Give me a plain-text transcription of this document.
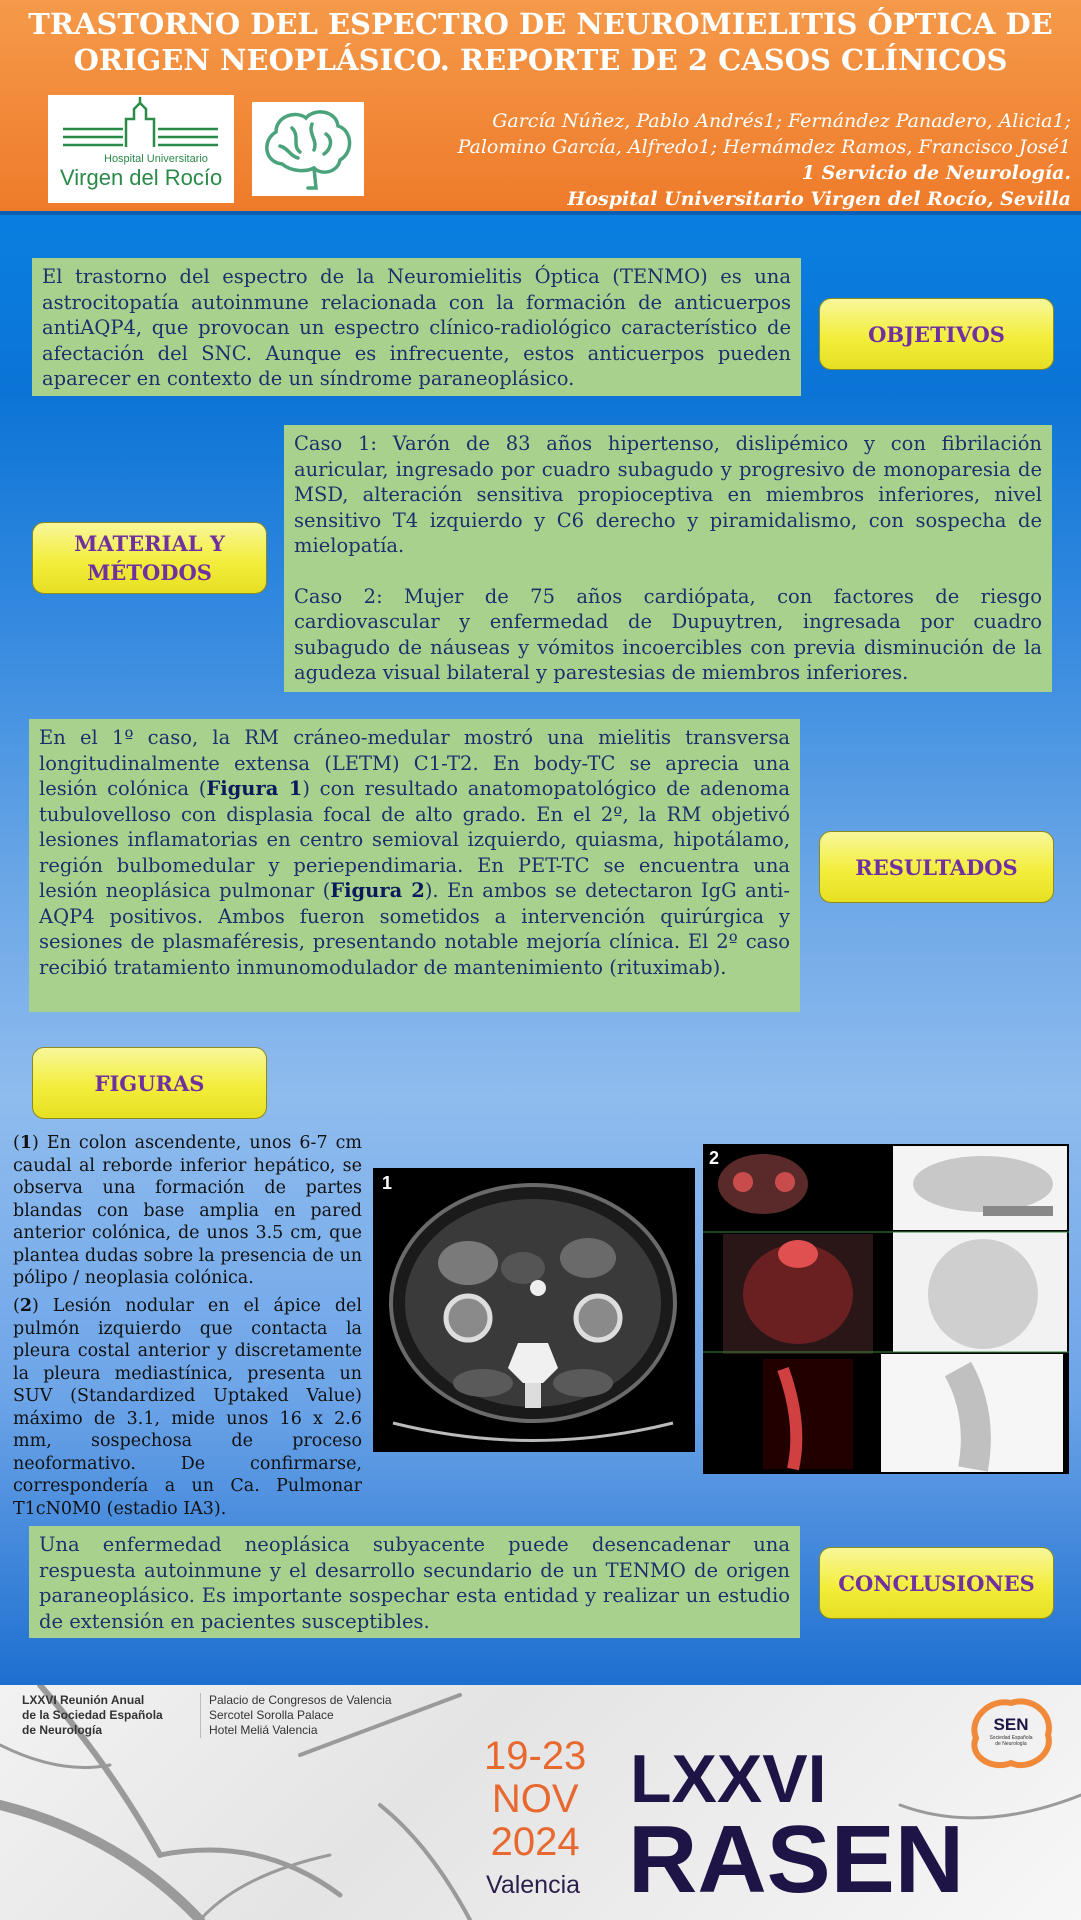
TRASTORNO DEL ESPECTRO DE NEUROMIELITIS ÓPTICA DE
ORIGEN NEOPLÁSICO. REPORTE DE 2 CASOS CLÍNICOS
Hospital Universitario
Virgen del Rocío
García Núñez, Pablo Andrés1; Fernández Panadero, Alicia1;
Palomino García, Alfredo1; Hernámdez Ramos, Francisco José1
1 Servicio de Neurología.
Hospital Universitario Virgen del Rocío, Sevilla
El trastorno del espectro de la Neuromielitis Óptica (TENMO) es una astrocitopatía autoinmune relacionada con la formación de anticuerpos antiAQP4, que provocan un espectro clínico-radiológico característico de afectación del SNC. Aunque es infrecuente, estos anticuerpos pueden aparecer en contexto de un síndrome paraneoplásico.
OBJETIVOS
MATERIAL Y
MÉTODOS
Caso 1: Varón de 83 años hipertenso, dislipémico y con fibrilación auricular, ingresado por cuadro subagudo y progresivo de monoparesia de MSD, alteración sensitiva propioceptiva en miembros inferiores, nivel sensitivo T4 izquierdo y C6 derecho y piramidalismo, con sospecha de mielopatía.
Caso 2: Mujer de 75 años cardiópata, con factores de riesgo cardiovascular y enfermedad de Dupuytren, ingresada por cuadro subagudo de náuseas y vómitos incoercibles con previa disminución de la agudeza visual bilateral y parestesias de miembros inferiores.
En el 1º caso, la RM cráneo-medular mostró una mielitis transversa longitudinalmente extensa (LETM) C1-T2. En body-TC se aprecia una lesión colónica (Figura 1) con resultado anatomopatológico de adenoma tubulovelloso con displasia focal de alto grado. En el 2º, la RM objetivó lesiones inflamatorias en centro semioval izquierdo, quiasma, hipotálamo, región bulbomedular y periependimaria. En PET-TC se encuentra una lesión neoplásica pulmonar (Figura 2). En ambos se detectaron IgG anti-AQP4 positivos. Ambos fueron sometidos a intervención quirúrgica y sesiones de plasmaféresis, presentando notable mejoría clínica. El 2º caso recibió tratamiento inmunomodulador de mantenimiento (rituximab).
RESULTADOS
FIGURAS
(1) En colon ascendente, unos 6-7 cm caudal al reborde inferior hepático, se observa una formación de partes blandas con base amplia en pared anterior colónica, de unos 3.5 cm, que plantea dudas sobre la presencia de un pólipo / neoplasia colónica.
(2) Lesión nodular en el ápice del pulmón izquierdo que contacta la pleura costal anterior y discretamente la pleura mediastínica, presenta un SUV (Standardized Uptaked Value) máximo de 3.1, mide unos 16 x 2.6 mm, sospechosa de proceso neoformativo. De confirmarse, correspondería a un Ca. Pulmonar T1cN0M0 (estadio IA3).
1
2
Una enfermedad neoplásica subyacente puede desencadenar una respuesta autoinmune y el desarrollo secundario de un TENMO de origen paraneoplásico. Es importante sospechar esta entidad y realizar un estudio de extensión en pacientes susceptibles.
CONCLUSIONES
LXXVI Reunión Anual
de la Sociedad Española
de Neurología
Palacio de Congresos de Valencia
Sercotel Sorolla Palace
Hotel Meliá Valencia
19-23
NOV
2024
Valencia
LXXVI
RASEN
SEN
Sociedad Española
de Neurología
